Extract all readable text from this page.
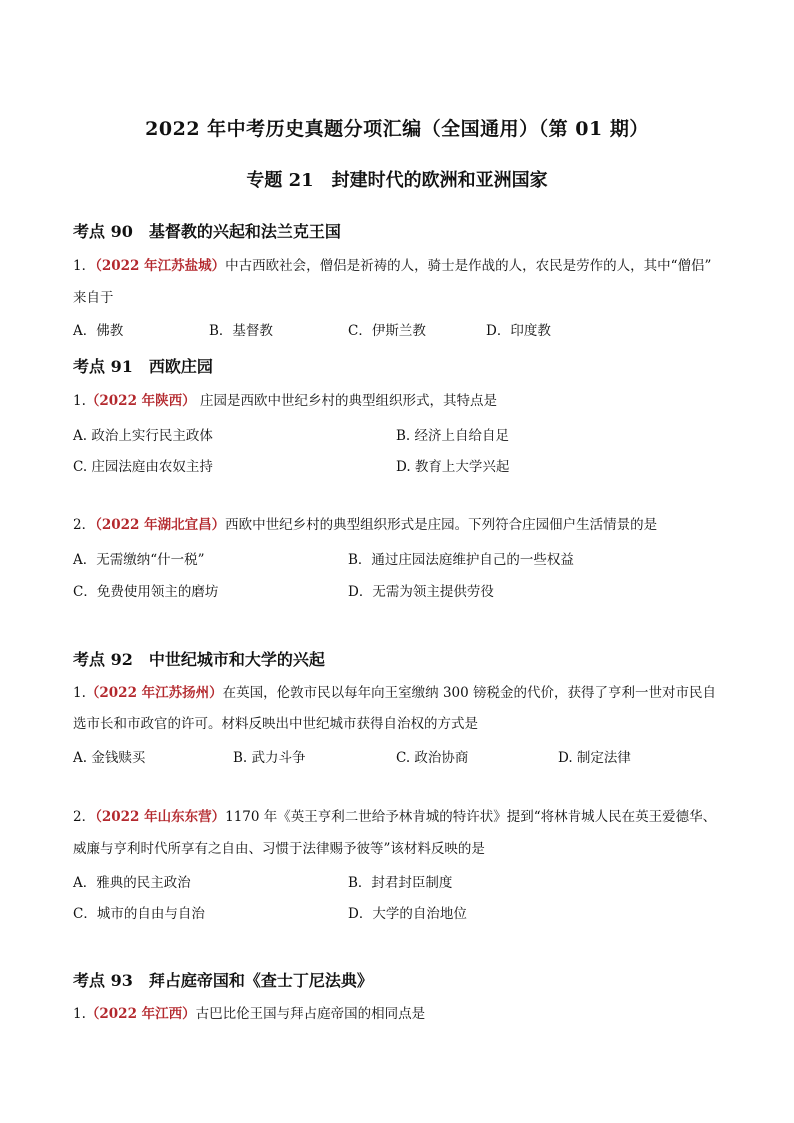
2022 年中考历史真题分项汇编（全国通用）（第 01 期）
专题 21　封建时代的欧洲和亚洲国家
考点 90 基督教的兴起和法兰克王国
1．（2022 年江苏盐城）中古西欧社会，僧侣是祈祷的人，骑士是作战的人，农民是劳作的人，其中“僧侣”
来自于
A．佛教	B．基督教	C．伊斯兰教	D．印度教
考点 91 西欧庄园
1.（2022 年陕西） 庄园是西欧中世纪乡村的典型组织形式，其特点是
A. 政治上实行民主政体	B. 经济上自给自足
C. 庄园法庭由农奴主持	D. 教育上大学兴起
2．（2022 年湖北宜昌）西欧中世纪乡村的典型组织形式是庄园。下列符合庄园佃户生活情景的是
A．无需缴纳“什一税”	B．通过庄园法庭维护自己的一些权益
C．免费使用领主的磨坊	D．无需为领主提供劳役
考点 92 中世纪城市和大学的兴起
1.（2022 年江苏扬州）在英国，伦敦市民以每年向王室缴纳 300 镑税金的代价，获得了亨利一世对市民自
选市长和市政官的许可。材料反映出中世纪城市获得自治权的方式是
A. 金钱赎买	B. 武力斗争	C. 政治协商	D. 制定法律
2．（2022 年山东东营）1170 年《英王亨利二世给予林肯城的特许状》提到“将林肯城人民在英王爱德华、
威廉与亨利时代所享有之自由、习惯于法律赐予彼等”该材料反映的是
A．雅典的民主政治	B．封君封臣制度
C．城市的自由与自治	D．大学的自治地位
考点 93 拜占庭帝国和《查士丁尼法典》
1.（2022 年江西）古巴比伦王国与拜占庭帝国的相同点是
